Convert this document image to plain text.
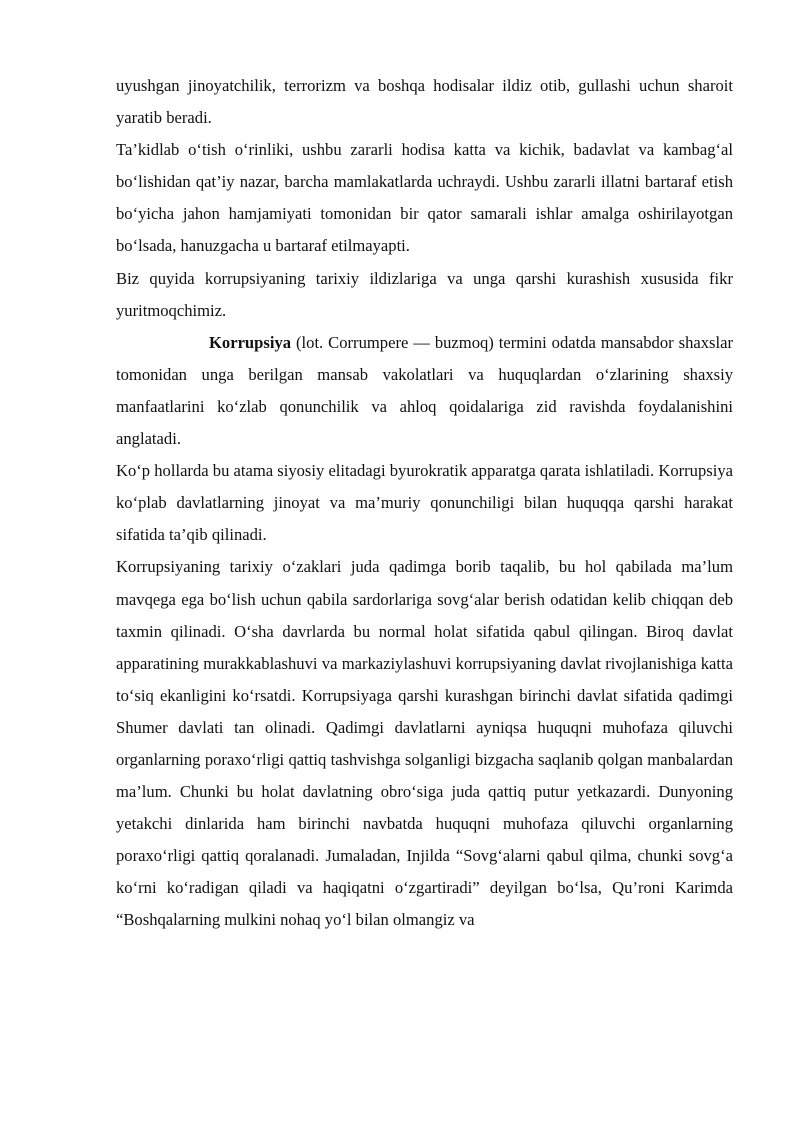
uyushgan jinoyatchilik, terrorizm va boshqa hodisalar ildiz otib, gullashi uchun sharoit yaratib beradi.

Ta’kidlab o‘tish o‘rinliki, ushbu zararli hodisa katta va kichik, badavlat va kambag‘al bo‘lishidan qat’iy nazar, barcha mamlakatlarda uchraydi. Ushbu zararli illatni bartaraf etish bo‘yicha jahon hamjamiyati tomonidan bir qator samarali ishlar amalga oshirilayotgan bo‘lsada, hanuzgacha u bartaraf etilmayapti.

Biz quyida korrupsiyaning tarixiy ildizlariga va unga qarshi kurashish xususida fikr yuritmoqchimiz.

Korrupsiya (lot. Corrumpere — buzmoq) termini odatda mansabdor shaxslar tomonidan unga berilgan mansab vakolatlari va huquqlardan o‘zlarining shaxsiy manfaatlarini ko‘zlab qonunchilik va ahloq qoidalariga zid ravishda foydalanishini anglatadi.

Ko‘p hollarda bu atama siyosiy elitadagi byurokratik apparatga qarata ishlatiladi. Korrupsiya ko‘plab davlatlarning jinoyat va ma’muriy qonunchiligi bilan huquqqa qarshi harakat sifatida ta’qib qilinadi.

Korrupsiyaning tarixiy o‘zaklari juda qadimga borib taqalib, bu hol qabilada ma’lum mavqega ega bo‘lish uchun qabila sardorlariga sovg‘alar berish odatidan kelib chiqqan deb taxmin qilinadi. O‘sha davrlarda bu normal holat sifatida qabul qilingan. Biroq davlat apparatining murakkablashuvi va markaziylashuvi korrupsiyaning davlat rivojlanishiga katta to‘siq ekanligini ko‘rsatdi. Korrupsiyaga qarshi kurashgan birinchi davlat sifatida qadimgi Shumer davlati tan olinadi. Qadimgi davlatlarni ayniqsa huquqni muhofaza qiluvchi organlarning poraxo‘rligi qattiq tashvishga solganligi bizgacha saqlanib qolgan manbalardan ma’lum. Chunki bu holat davlatning obro‘siga juda qattiq putur yetkazardi. Dunyoning yetakchi dinlarida ham birinchi navbatda huquqni muhofaza qiluvchi organlarning poraxo‘rligi qattiq qoralanadi. Jumaladan, Injilda “Sovg‘alarni qabul qilma, chunki sovg‘a ko‘rni ko‘radigan qiladi va haqiqatni o‘zgartiradi” deyilgan bo‘lsa, Qu’roni Karimda “Boshqalarning mulkini nohaq yo‘l bilan olmangiz va
